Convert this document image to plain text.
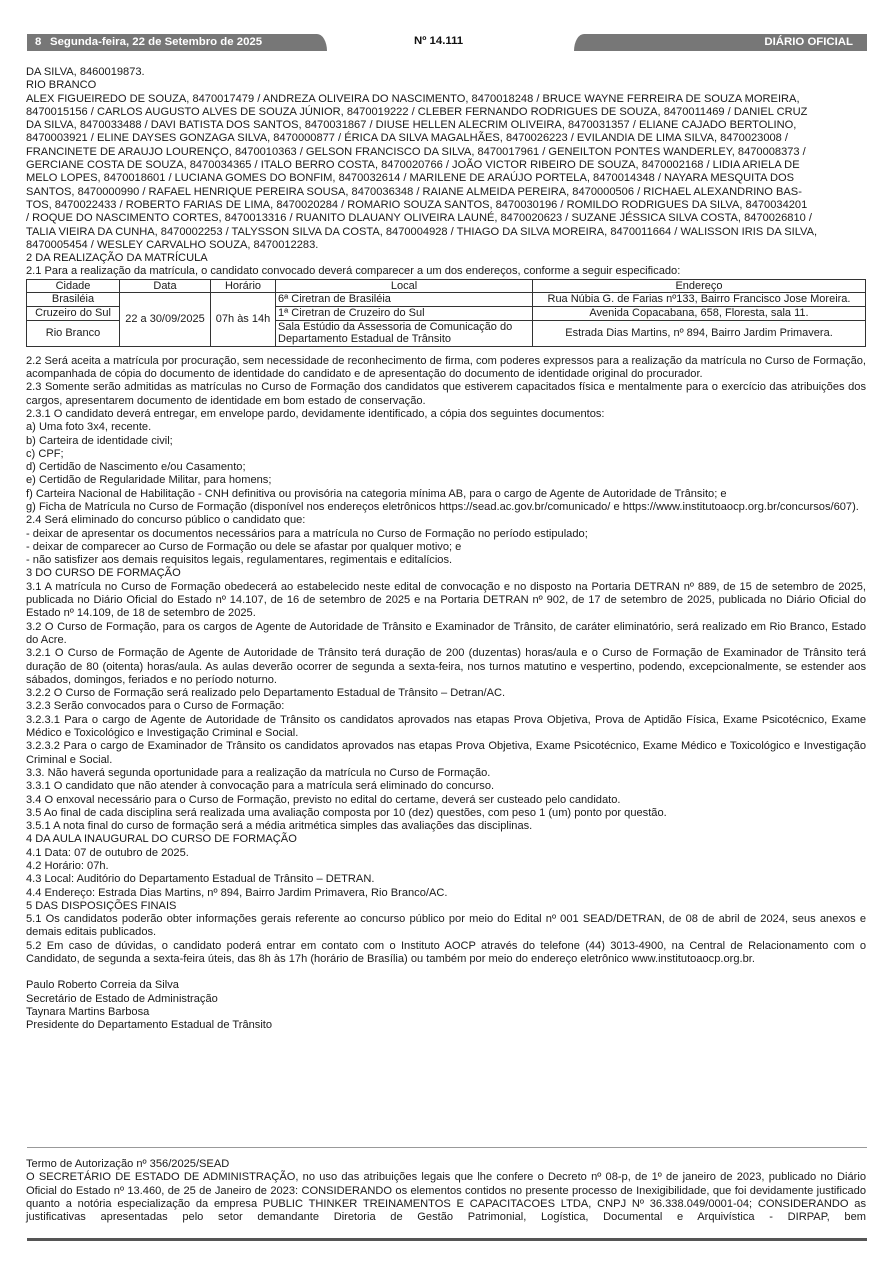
8 Segunda-feira, 22 de Setembro de 2025	Nº 14.111	DIÁRIO OFICIAL

DA SILVA, 8460019873.

RIO BRANCO

ALEX FIGUEIREDO DE SOUZA, 8470017479 / ANDREZA OLIVEIRA DO NASCIMENTO, 8470018248 / BRUCE WAYNE FERREIRA DE SOUZA MOREIRA,

8470015156 / CARLOS AUGUSTO ALVES DE SOUZA JÚNIOR, 8470019222 / CLEBER FERNANDO RODRIGUES DE SOUZA, 8470011469 / DANIEL CRUZ

DA SILVA, 8470033488 / DAVI BATISTA DOS SANTOS, 8470031867 / DIUSE HELLEN ALECRIM OLIVEIRA, 8470031357 / ELIANE CAJADO BERTOLINO,

8470003921 / ELINE DAYSES GONZAGA SILVA, 8470000877 / ÉRICA DA SILVA MAGALHÃES, 8470026223 / EVILANDIA DE LIMA SILVA, 8470023008 /

FRANCINETE DE ARAUJO LOURENÇO, 8470010363 / GELSON FRANCISCO DA SILVA, 8470017961 / GENEILTON PONTES WANDERLEY, 8470008373 /

GERCIANE COSTA DE SOUZA, 8470034365 / ITALO BERRO COSTA, 8470020766 / JOÃO VICTOR RIBEIRO DE SOUZA, 8470002168 / LIDIA ARIELA DE

MELO LOPES, 8470018601 / LUCIANA GOMES DO BONFIM, 8470032614 / MARILENE DE ARAÚJO PORTELA, 8470014348 / NAYARA MESQUITA DOS

SANTOS, 8470000990 / RAFAEL HENRIQUE PEREIRA SOUSA, 8470036348 / RAIANE ALMEIDA PEREIRA, 8470000506 / RICHAEL ALEXANDRINO BAS-

TOS, 8470022433 / ROBERTO FARIAS DE LIMA, 8470020284 / ROMARIO SOUZA SANTOS, 8470030196 / ROMILDO RODRIGUES DA SILVA, 8470034201

/ ROQUE DO NASCIMENTO CORTES, 8470013316 / RUANITO DLAUANY OLIVEIRA LAUNÉ, 8470020623 / SUZANE JÉSSICA SILVA COSTA, 8470026810 /

TALIA VIEIRA DA CUNHA, 8470002253 / TALYSSON SILVA DA COSTA, 8470004928 / THIAGO DA SILVA MOREIRA, 8470011664 / WALISSON IRIS DA SILVA,

8470005454 / WESLEY CARVALHO SOUZA, 8470012283.

2 DA REALIZAÇÃO DA MATRÍCULA

2.1 Para a realização da matrícula, o candidato convocado deverá comparecer a um dos endereços, conforme a seguir especificado:

Cidade	Data	Horário	Local	Endereço
Brasiléia	22 a 30/09/2025	07h às 14h	6ª Ciretran de Brasiléia	Rua Núbia G. de Farias nº133, Bairro Francisco Jose Moreira.
Cruzeiro do Sul			1ª Ciretran de Cruzeiro do Sul	Avenida Copacabana, 658, Floresta, sala 11.
Rio Branco			Sala Estúdio da Assessoria de Comunicação do Departamento Estadual de Trânsito	Estrada Dias Martins, nº 894, Bairro Jardim Primavera.

2.2 Será aceita a matrícula por procuração, sem necessidade de reconhecimento de firma, com poderes expressos para a realização da matrícula no Curso de Formação, acompanhada de cópia do documento de identidade do candidato e de apresentação do documento de identidade original do procurador.

2.3 Somente serão admitidas as matrículas no Curso de Formação dos candidatos que estiverem capacitados física e mentalmente para o exercício das atribuições dos cargos, apresentarem documento de identidade em bom estado de conservação.

2.3.1 O candidato deverá entregar, em envelope pardo, devidamente identificado, a cópia dos seguintes documentos:

a) Uma foto 3x4, recente.

b) Carteira de identidade civil;

c) CPF;

d) Certidão de Nascimento e/ou Casamento;

e) Certidão de Regularidade Militar, para homens;

f) Carteira Nacional de Habilitação - CNH definitiva ou provisória na categoria mínima AB, para o cargo de Agente de Autoridade de Trânsito; e

g) Ficha de Matrícula no Curso de Formação (disponível nos endereços eletrônicos https://sead.ac.gov.br/comunicado/ e https://www.institutoaocp.org.br/concursos/607).

2.4 Será eliminado do concurso público o candidato que:

- deixar de apresentar os documentos necessários para a matrícula no Curso de Formação no período estipulado;

- deixar de comparecer ao Curso de Formação ou dele se afastar por qualquer motivo; e

- não satisfizer aos demais requisitos legais, regulamentares, regimentais e editalícios.

3 DO CURSO DE FORMAÇÃO

3.1 A matrícula no Curso de Formação obedecerá ao estabelecido neste edital de convocação e no disposto na Portaria DETRAN nº 889, de 15 de setembro de 2025, publicada no Diário Oficial do Estado nº 14.107, de 16 de setembro de 2025 e na Portaria DETRAN nº 902, de 17 de setembro de 2025, publicada no Diário Oficial do Estado nº 14.109, de 18 de setembro de 2025.

3.2 O Curso de Formação, para os cargos de Agente de Autoridade de Trânsito e Examinador de Trânsito, de caráter eliminatório, será realizado em Rio Branco, Estado do Acre.

3.2.1 O Curso de Formação de Agente de Autoridade de Trânsito terá duração de 200 (duzentas) horas/aula e o Curso de Formação de Examinador de Trânsito terá duração de 80 (oitenta) horas/aula. As aulas deverão ocorrer de segunda a sexta-feira, nos turnos matutino e vespertino, podendo, excepcionalmente, se estender aos sábados, domingos, feriados e no período noturno.

3.2.2 O Curso de Formação será realizado pelo Departamento Estadual de Trânsito – Detran/AC.

3.2.3 Serão convocados para o Curso de Formação:

3.2.3.1 Para o cargo de Agente de Autoridade de Trânsito os candidatos aprovados nas etapas Prova Objetiva, Prova de Aptidão Física, Exame Psicotécnico, Exame Médico e Toxicológico e Investigação Criminal e Social.

3.2.3.2 Para o cargo de Examinador de Trânsito os candidatos aprovados nas etapas Prova Objetiva, Exame Psicotécnico, Exame Médico e Toxicológico e Investigação Criminal e Social.

3.3. Não haverá segunda oportunidade para a realização da matrícula no Curso de Formação.

3.3.1 O candidato que não atender à convocação para a matrícula será eliminado do concurso.

3.4 O enxoval necessário para o Curso de Formação, previsto no edital do certame, deverá ser custeado pelo candidato.

3.5 Ao final de cada disciplina será realizada uma avaliação composta por 10 (dez) questões, com peso 1 (um) ponto por questão.

3.5.1 A nota final do curso de formação será a média aritmética simples das avaliações das disciplinas.

4 DA AULA INAUGURAL DO CURSO DE FORMAÇÃO

4.1 Data: 07 de outubro de 2025.

4.2 Horário: 07h.

4.3 Local: Auditório do Departamento Estadual de Trânsito – DETRAN.

4.4 Endereço: Estrada Dias Martins, nº 894, Bairro Jardim Primavera, Rio Branco/AC.

5 DAS DISPOSIÇÕES FINAIS

5.1 Os candidatos poderão obter informações gerais referente ao concurso público por meio do Edital nº 001 SEAD/DETRAN, de 08 de abril de 2024, seus anexos e demais editais publicados.

5.2 Em caso de dúvidas, o candidato poderá entrar em contato com o Instituto AOCP através do telefone (44) 3013-4900, na Central de Relacionamento com o Candidato, de segunda a sexta-feira úteis, das 8h às 17h (horário de Brasília) ou também por meio do endereço eletrônico www.institutoaocp.org.br.

Paulo Roberto Correia da Silva

Secretário de Estado de Administração

Taynara Martins Barbosa

Presidente do Departamento Estadual de Trânsito

Termo de Autorização nº 356/2025/SEAD

O SECRETÁRIO DE ESTADO DE ADMINISTRAÇÃO, no uso das atribuições legais que lhe confere o Decreto nº 08-p, de 1º de janeiro de 2023, publicado no Diário Oficial do Estado nº 13.460, de 25 de Janeiro de 2023: CONSIDERANDO os elementos contidos no presente processo de Inexigibilidade, que foi devidamente justificado quanto a notória especialização da empresa PUBLIC THINKER TREINAMENTOS E CAPACITACOES LTDA, CNPJ Nº 36.338.049/0001-04; CONSIDERANDO as justificativas apresentadas pelo setor demandante Diretoria de Gestão Patrimonial, Logística, Documental e Arquivística - DIRPAP, bem
